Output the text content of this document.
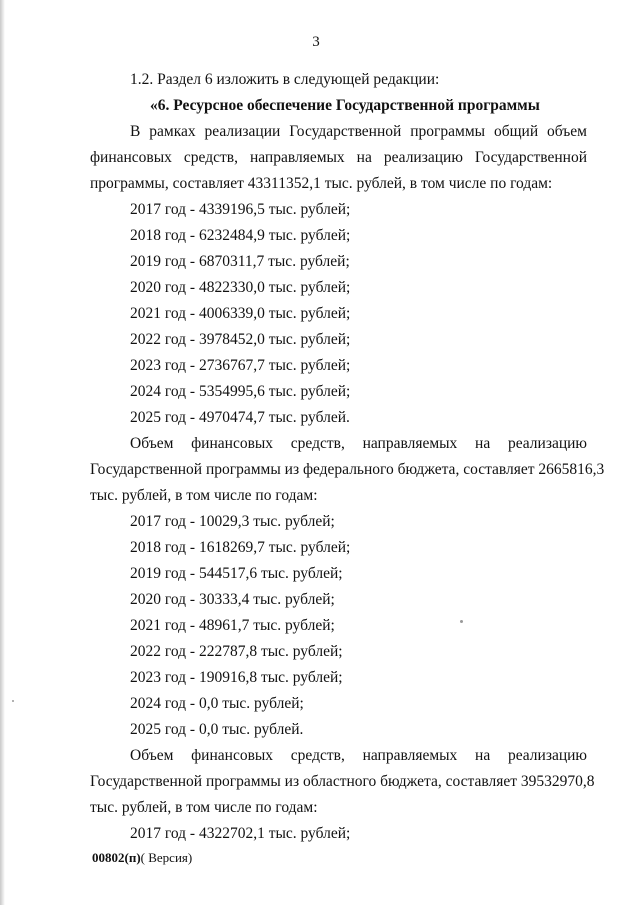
3
1.2. Раздел 6 изложить в следующей редакции:
«6. Ресурсное обеспечение Государственной программы
В рамках реализации Государственной программы общий объем
финансовых средств, направляемых на реализацию Государственной
программы, составляет 43311352,1 тыс. рублей, в том числе по годам:
2017 год - 4339196,5 тыс. рублей;
2018 год - 6232484,9 тыс. рублей;
2019 год - 6870311,7 тыс. рублей;
2020 год - 4822330,0 тыс. рублей;
2021 год - 4006339,0 тыс. рублей;
2022 год - 3978452,0 тыс. рублей;
2023 год - 2736767,7 тыс. рублей;
2024 год - 5354995,6 тыс. рублей;
2025 год - 4970474,7 тыс. рублей.
Объем финансовых средств, направляемых на реализацию
Государственной программы из федерального бюджета, составляет 2665816,3
тыс. рублей, в том числе по годам:
2017 год - 10029,3 тыс. рублей;
2018 год - 1618269,7 тыс. рублей;
2019 год - 544517,6 тыс. рублей;
2020 год - 30333,4 тыс. рублей;
2021 год - 48961,7 тыс. рублей;
2022 год - 222787,8 тыс. рублей;
2023 год - 190916,8 тыс. рублей;
2024 год - 0,0 тыс. рублей;
2025 год - 0,0 тыс. рублей.
Объем финансовых средств, направляемых на реализацию
Государственной программы из областного бюджета, составляет 39532970,8
тыс. рублей, в том числе по годам:
2017 год - 4322702,1 тыс. рублей;
00802(п)( Версия)
